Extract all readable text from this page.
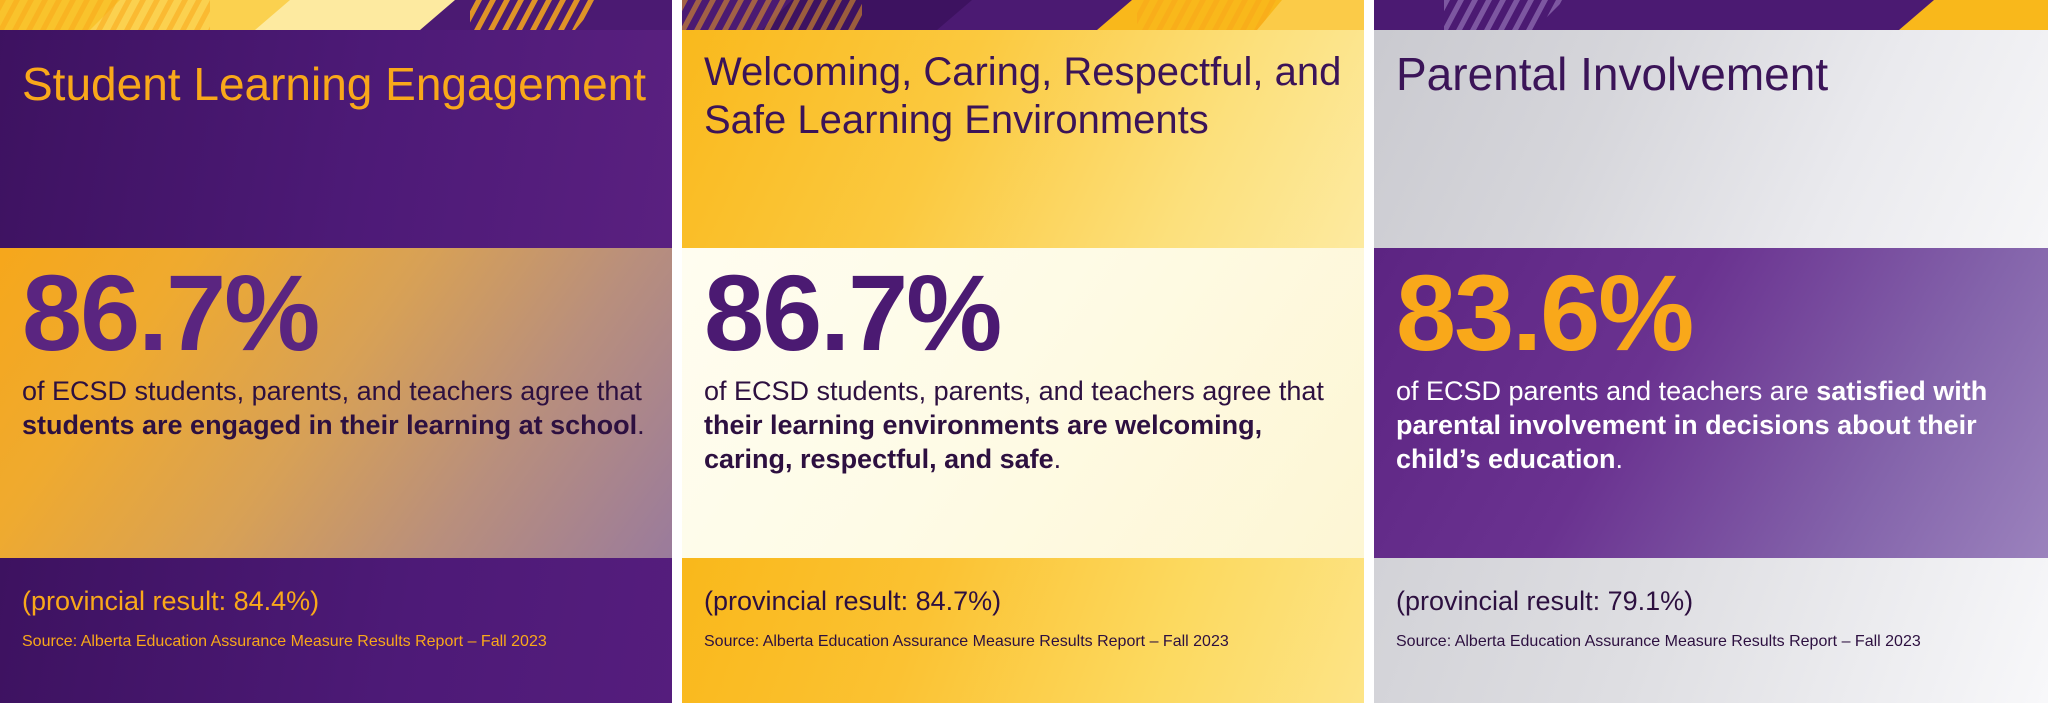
Student Learning Engagement
86.7%
of ECSD students, parents, and teachers agree that students are engaged in their learning at school.
(provincial result: 84.4%)
Source: Alberta Education Assurance Measure Results Report – Fall 2023
Welcoming, Caring, Respectful, and Safe Learning Environments
86.7%
of ECSD students, parents, and teachers agree that their learning environments are welcoming, caring, respectful, and safe.
(provincial result: 84.7%)
Source: Alberta Education Assurance Measure Results Report – Fall 2023
Parental Involvement
83.6%
of ECSD parents and teachers are satisfied with parental involvement in decisions about their child’s education.
(provincial result: 79.1%)
Source: Alberta Education Assurance Measure Results Report – Fall 2023
